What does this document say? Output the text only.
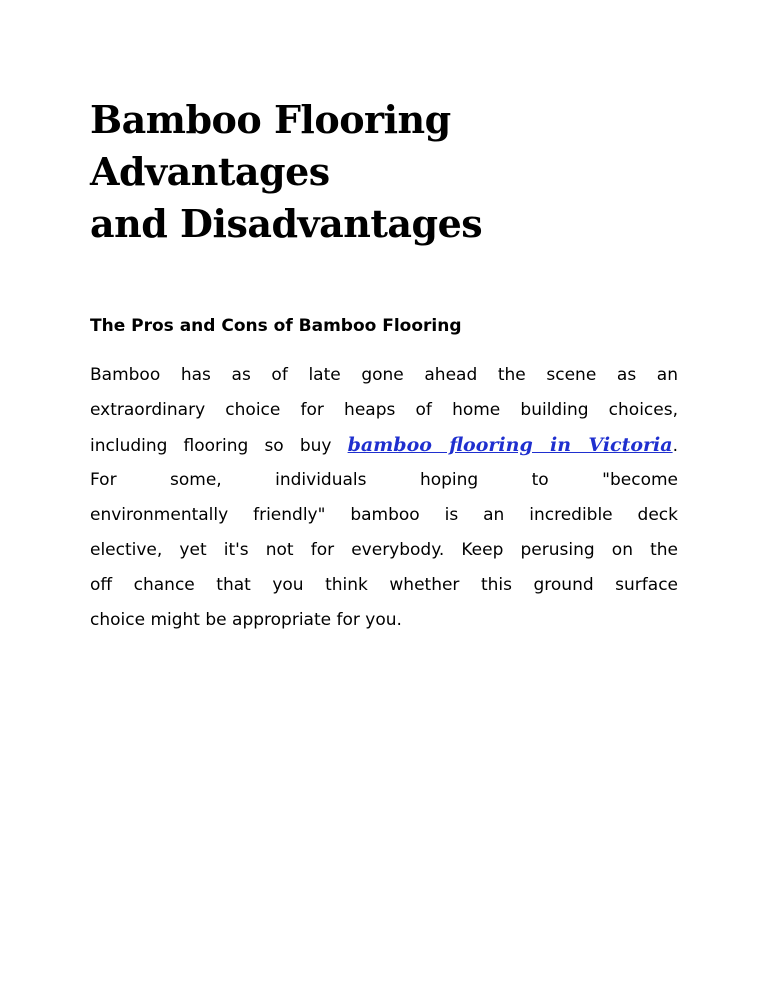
Bamboo Flooring Advantages
and Disadvantages
The Pros and Cons of Bamboo Flooring
Bamboo has as of late gone ahead the scene as an
extraordinary choice for heaps of home building choices,
including flooring so buy bamboo flooring in Victoria.
For some, individuals hoping to "become
environmentally friendly" bamboo is an incredible deck
elective, yet it's not for everybody. Keep perusing on the
off chance that you think whether this ground surface
choice might be appropriate for you.
